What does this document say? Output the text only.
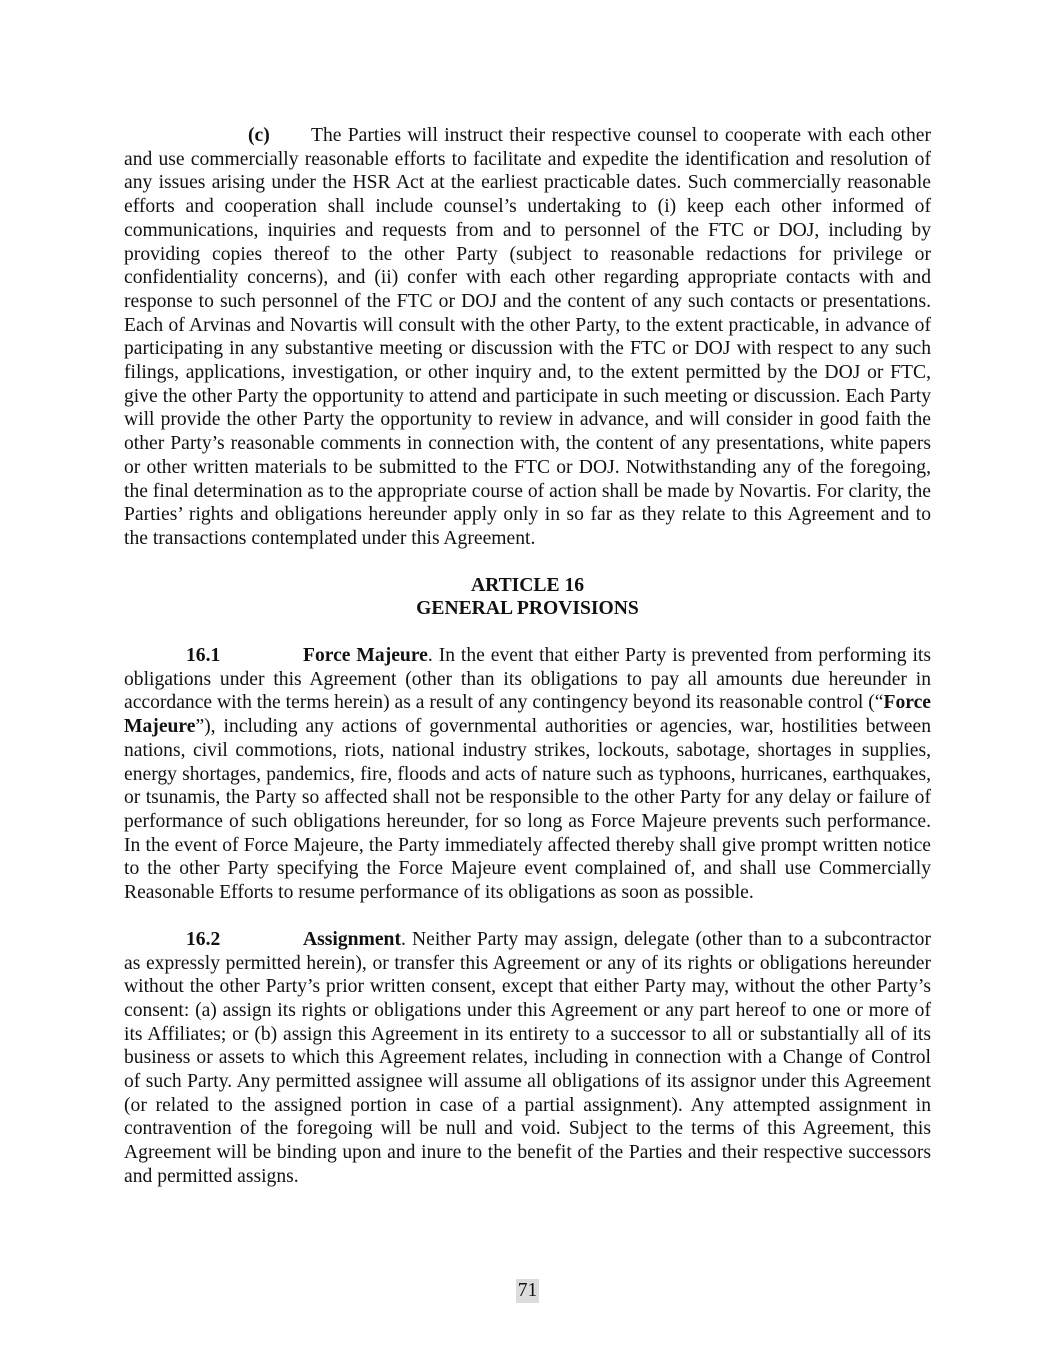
(c) The Parties will instruct their respective counsel to cooperate with each other and use commercially reasonable efforts to facilitate and expedite the identification and resolution of any issues arising under the HSR Act at the earliest practicable dates. Such commercially reasonable efforts and cooperation shall include counsel’s undertaking to (i) keep each other informed of communications, inquiries and requests from and to personnel of the FTC or DOJ, including by providing copies thereof to the other Party (subject to reasonable redactions for privilege or confidentiality concerns), and (ii) confer with each other regarding appropriate contacts with and response to such personnel of the FTC or DOJ and the content of any such contacts or presentations. Each of Arvinas and Novartis will consult with the other Party, to the extent practicable, in advance of participating in any substantive meeting or discussion with the FTC or DOJ with respect to any such filings, applications, investigation, or other inquiry and, to the extent permitted by the DOJ or FTC, give the other Party the opportunity to attend and participate in such meeting or discussion. Each Party will provide the other Party the opportunity to review in advance, and will consider in good faith the other Party’s reasonable comments in connection with, the content of any presentations, white papers or other written materials to be submitted to the FTC or DOJ. Notwithstanding any of the foregoing, the final determination as to the appropriate course of action shall be made by Novartis. For clarity, the Parties’ rights and obligations hereunder apply only in so far as they relate to this Agreement and to the transactions contemplated under this Agreement.

ARTICLE 16
GENERAL PROVISIONS

16.1	Force Majeure. In the event that either Party is prevented from performing its obligations under this Agreement (other than its obligations to pay all amounts due hereunder in accordance with the terms herein) as a result of any contingency beyond its reasonable control (“Force Majeure”), including any actions of governmental authorities or agencies, war, hostilities between nations, civil commotions, riots, national industry strikes, lockouts, sabotage, shortages in supplies, energy shortages, pandemics, fire, floods and acts of nature such as typhoons, hurricanes, earthquakes, or tsunamis, the Party so affected shall not be responsible to the other Party for any delay or failure of performance of such obligations hereunder, for so long as Force Majeure prevents such performance. In the event of Force Majeure, the Party immediately affected thereby shall give prompt written notice to the other Party specifying the Force Majeure event complained of, and shall use Commercially Reasonable Efforts to resume performance of its obligations as soon as possible.

16.2	Assignment. Neither Party may assign, delegate (other than to a subcontractor as expressly permitted herein), or transfer this Agreement or any of its rights or obligations hereunder without the other Party’s prior written consent, except that either Party may, without the other Party’s consent: (a) assign its rights or obligations under this Agreement or any part hereof to one or more of its Affiliates; or (b) assign this Agreement in its entirety to a successor to all or substantially all of its business or assets to which this Agreement relates, including in connection with a Change of Control of such Party. Any permitted assignee will assume all obligations of its assignor under this Agreement (or related to the assigned portion in case of a partial assignment). Any attempted assignment in contravention of the foregoing will be null and void. Subject to the terms of this Agreement, this Agreement will be binding upon and inure to the benefit of the Parties and their respective successors and permitted assigns.

71
